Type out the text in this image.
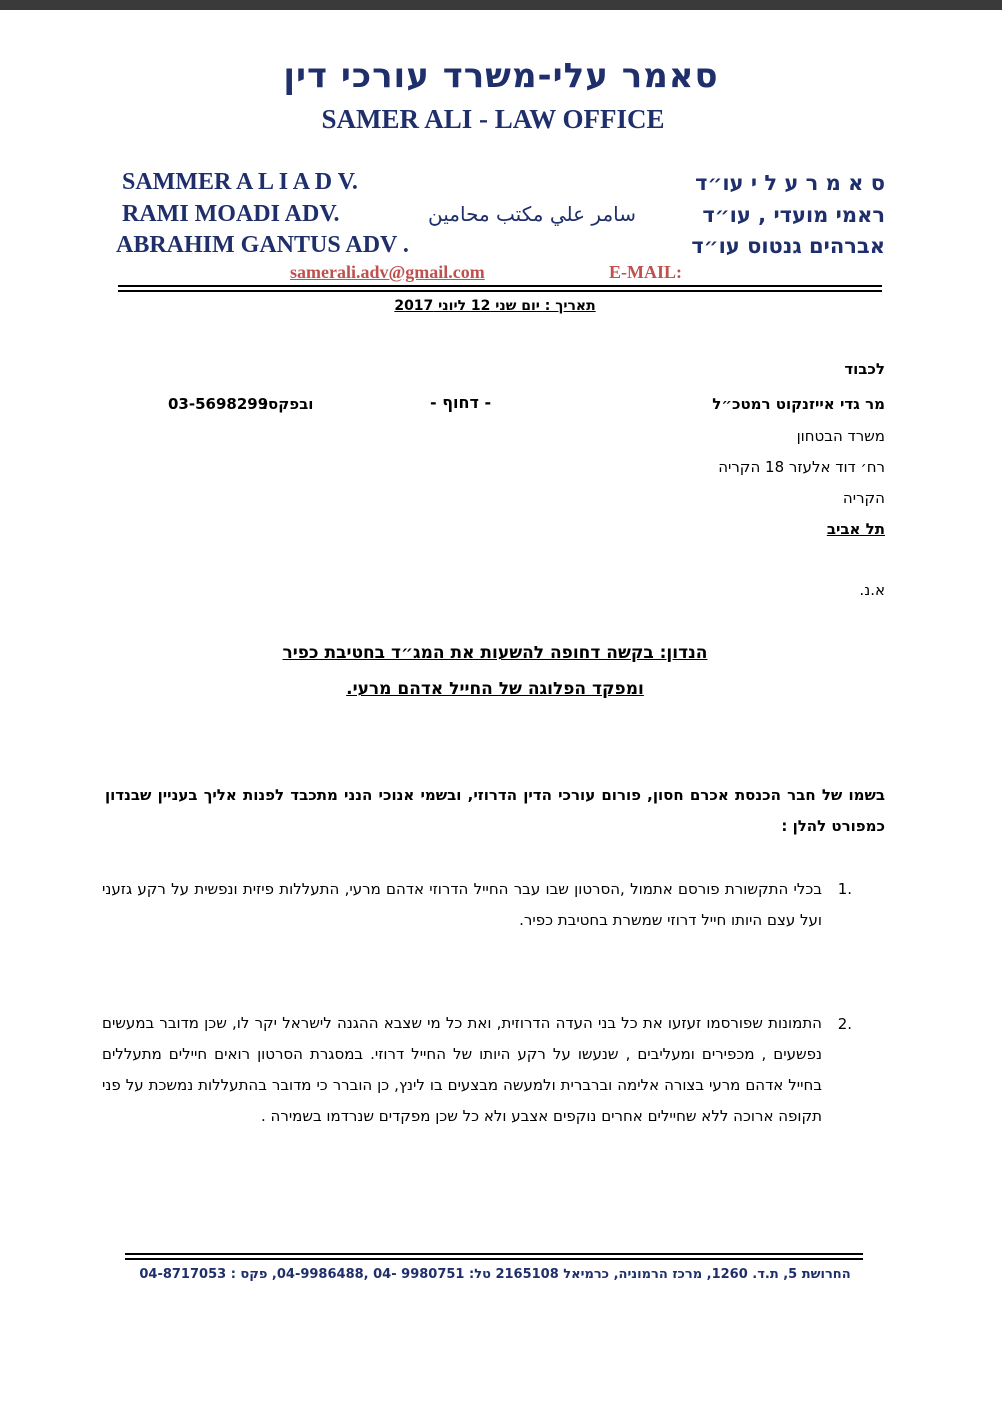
סאמר עלי-משרד עורכי דין
SAMER ALI - LAW OFFICE
SAMMER A L I A D V.
RAMI MOADI ADV.
ABRAHIM GANTUS ADV .
ס א מ ר ע ל י עו״ד
ראמי מועדי , עו״ד
אברהים גנטוס עו״ד
سامر علي مكتب محامين
samerali.adv@gmail.com	E-MAIL:
תאריך : יום שני 12 ליוני 2017
לכבוד
מר גדי אייזנקוט רמטכ״ל
- דחוף -
ובפקס:
03-5698299
משרד הבטחון
רח׳ דוד אלעזר 18 הקריה
הקריה
תל אביב
א.נ.
הנדון: בקשה דחופה להשעות את המג״ד בחטיבת כפיר
ומפקד הפלוגה של החייל אדהם מרעי.
בשמו של חבר הכנסת אכרם חסון, פורום עורכי הדין הדרוזי, ובשמי אנוכי הנני מתכבד לפנות אליך בעניין שבנדון כמפורט להלן :
1.
בכלי התקשורת פורסם אתמול ,הסרטון שבו עבר החייל הדרוזי אדהם מרעי, התעללות פיזית ונפשית על רקע גזעני ועל עצם היותו חייל דרוזי שמשרת בחטיבת כפיר.
2.
התמונות שפורסמו זעזעו את כל בני העדה הדרוזית, ואת כל מי שצבא ההגנה לישראל יקר לו, שכן מדובר במעשים נפשעים , מכפירים ומעליבים , שנעשו על רקע היותו של החייל דרוזי. במסגרת הסרטון רואים חיילים מתעללים בחייל אדהם מרעי בצורה אלימה וברברית ולמעשה מבצעים בו לינץ, כן הוברר כי מדובר בהתעללות נמשכת על פני תקופה ארוכה ללא שחיילים אחרים נוקפים אצבע ולא כל שכן מפקדים שנרדמו בשמירה .
החרושת 5, ת.ד. 1260, מרכז הרמוניה, כרמיאל 2165108 טל: 9980751 -04 ,04-9986488, פקס : 04-8717053
